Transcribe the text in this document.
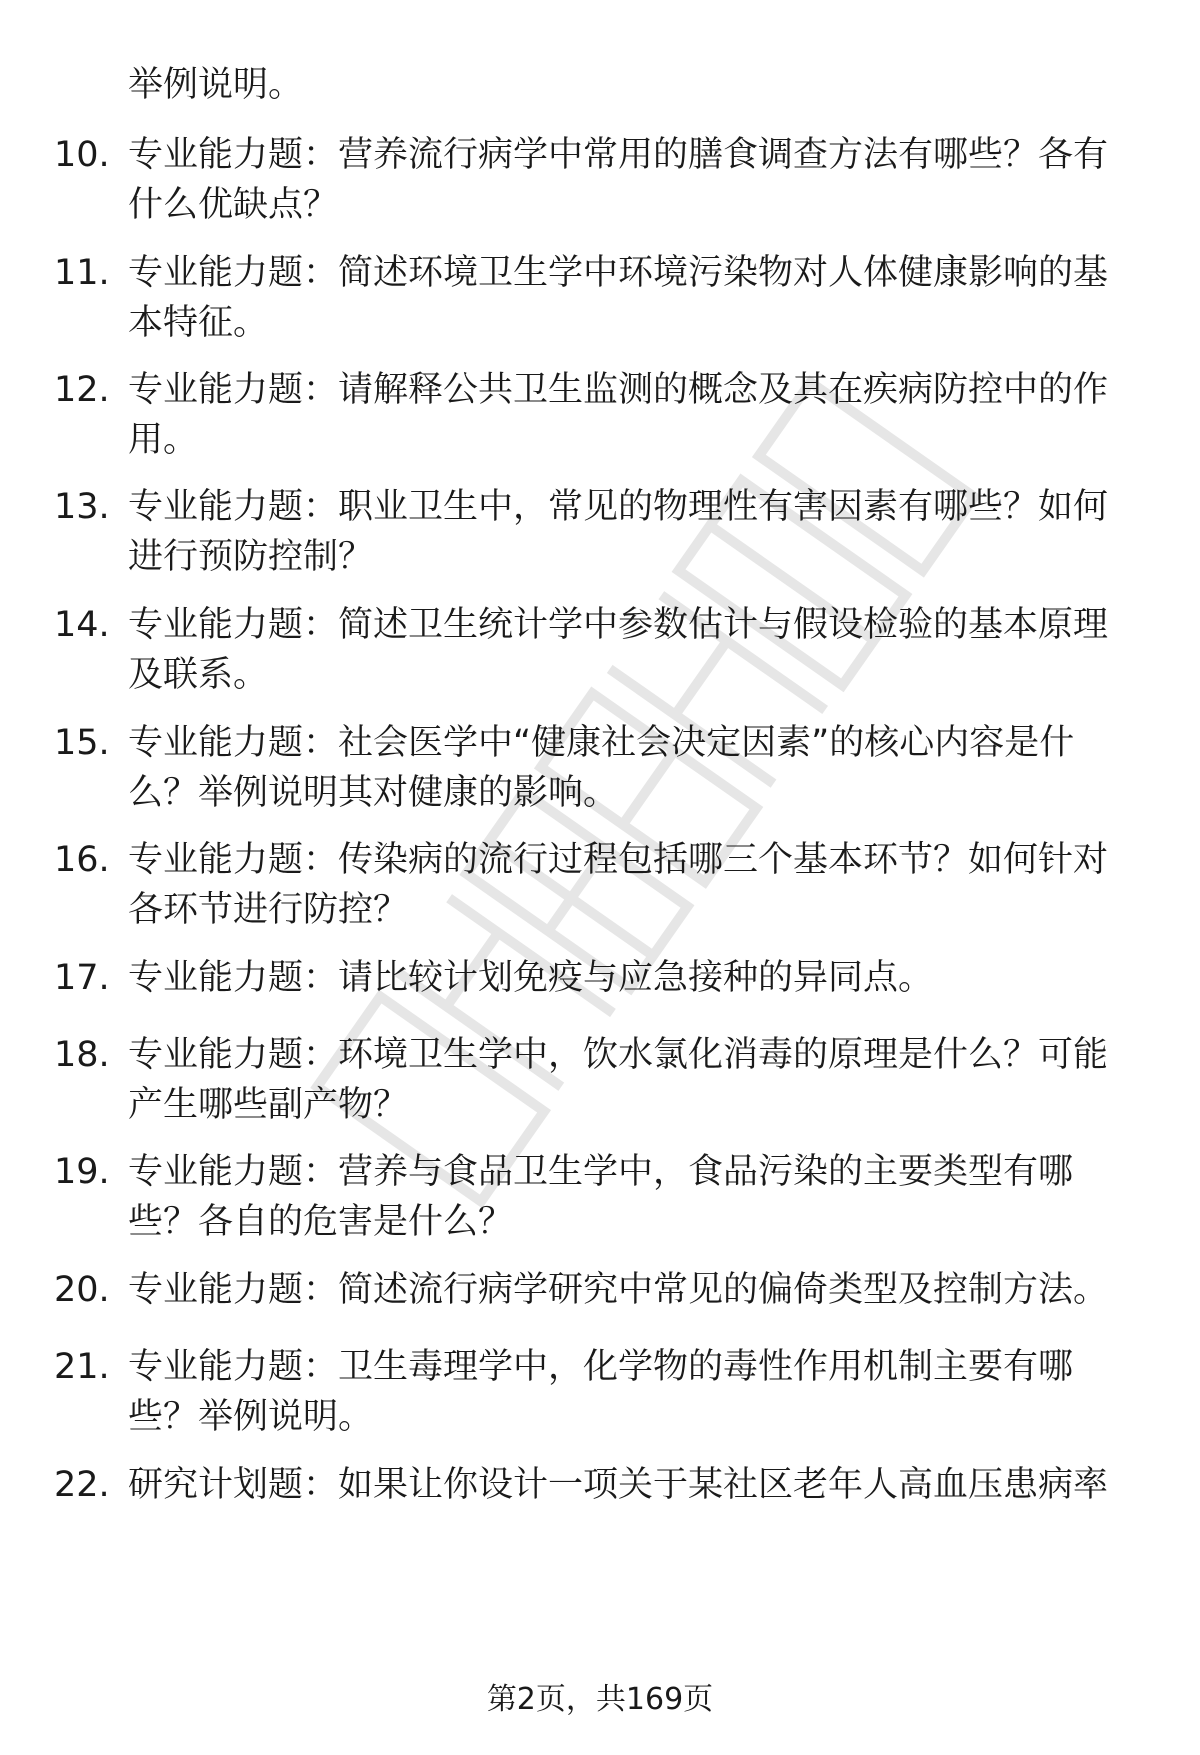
举例说明。
10. 专业能力题：营养流行病学中常用的膳食调查方法有哪些？各有什么优缺点？
11. 专业能力题：简述环境卫生学中环境污染物对人体健康影响的基本特征。
12. 专业能力题：请解释公共卫生监测的概念及其在疾病防控中的作用。
13. 专业能力题：职业卫生中，常见的物理性有害因素有哪些？如何进行预防控制？
14. 专业能力题：简述卫生统计学中参数估计与假设检验的基本原理及联系。
15. 专业能力题：社会医学中“健康社会决定因素”的核心内容是什么？举例说明其对健康的影响。
16. 专业能力题：传染病的流行过程包括哪三个基本环节？如何针对各环节进行防控？
17. 专业能力题：请比较计划免疫与应急接种的异同点。
18. 专业能力题：环境卫生学中，饮水氯化消毒的原理是什么？可能产生哪些副产物？
19. 专业能力题：营养与食品卫生学中，食品污染的主要类型有哪些？各自的危害是什么？
20. 专业能力题：简述流行病学研究中常见的偏倚类型及控制方法。
21. 专业能力题：卫生毒理学中，化学物的毒性作用机制主要有哪些？举例说明。
22. 研究计划题：如果让你设计一项关于某社区老年人高血压患病率
第2页，共169页
